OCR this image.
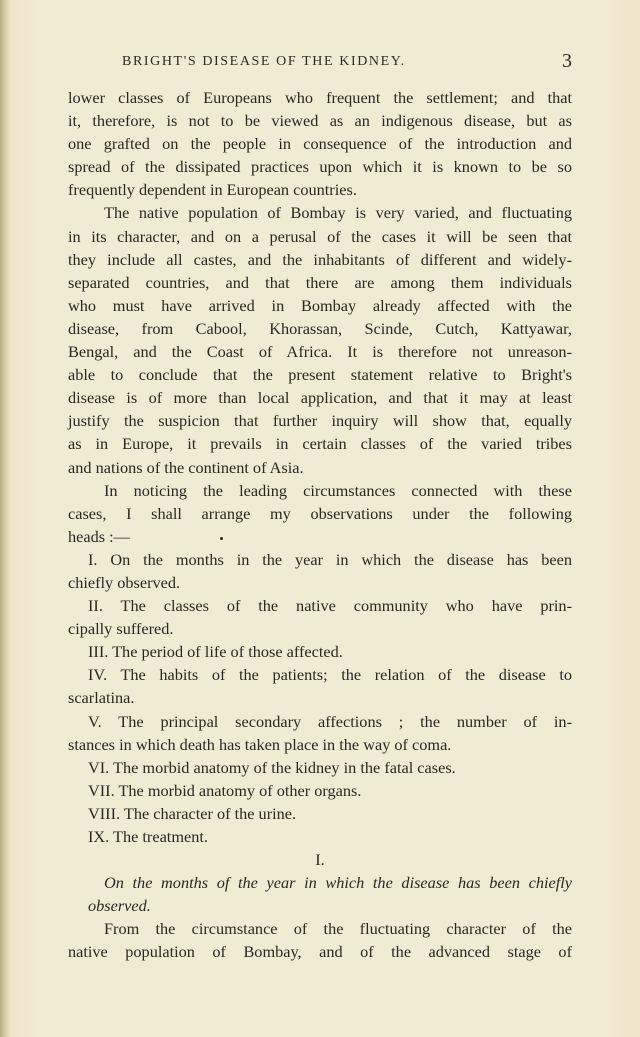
BRIGHT'S DISEASE OF THE KIDNEY.	3
lower classes of Europeans who frequent the settlement; and that
it, therefore, is not to be viewed as an indigenous disease, but as
one grafted on the people in consequence of the introduction and
spread of the dissipated practices upon which it is known to be so
frequently dependent in European countries.
The native population of Bombay is very varied, and fluctuating
in its character, and on a perusal of the cases it will be seen that
they include all castes, and the inhabitants of different and widely-
separated countries, and that there are among them individuals
who must have arrived in Bombay already affected with the
disease, from Cabool, Khorassan, Scinde, Cutch, Kattyawar,
Bengal, and the Coast of Africa. It is therefore not unreason-
able to conclude that the present statement relative to Bright's
disease is of more than local application, and that it may at least
justify the suspicion that further inquiry will show that, equally
as in Europe, it prevails in certain classes of the varied tribes
and nations of the continent of Asia.
In noticing the leading circumstances connected with these
cases, I shall arrange my observations under the following
heads :—
I. On the months in the year in which the disease has been
chiefly observed.
II. The classes of the native community who have prin-
cipally suffered.
III. The period of life of those affected.
IV. The habits of the patients; the relation of the disease to
scarlatina.
V. The principal secondary affections ; the number of in-
stances in which death has taken place in the way of coma.
VI. The morbid anatomy of the kidney in the fatal cases.
VII. The morbid anatomy of other organs.
VIII. The character of the urine.
IX. The treatment.
I.
On the months of the year in which the disease has been chiefly
observed.
From the circumstance of the fluctuating character of the
native population of Bombay, and of the advanced stage of
